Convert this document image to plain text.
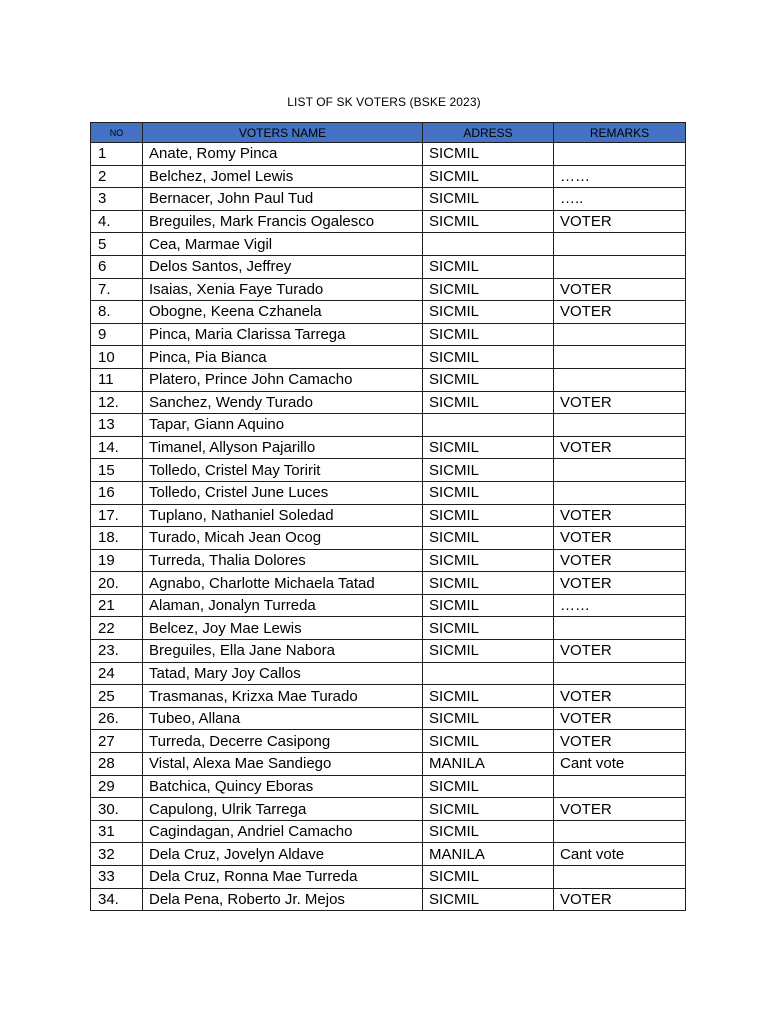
LIST OF SK VOTERS (BSKE 2023)
NO	VOTERS NAME	ADRESS	REMARKS
1	Anate, Romy Pinca	SICMIL	
2	Belchez, Jomel Lewis	SICMIL	……
3	Bernacer, John Paul Tud	SICMIL	…..
4.	Breguiles, Mark Francis Ogalesco	SICMIL	VOTER
5	Cea, Marmae Vigil		
6	Delos Santos, Jeffrey	SICMIL	
7.	Isaias, Xenia Faye Turado	SICMIL	VOTER
8.	Obogne, Keena Czhanela	SICMIL	VOTER
9	Pinca, Maria Clarissa Tarrega	SICMIL	
10	Pinca, Pia Bianca	SICMIL	
11	Platero, Prince John Camacho	SICMIL	
12.	Sanchez, Wendy Turado	SICMIL	VOTER
13	Tapar, Giann Aquino		
14.	Timanel, Allyson Pajarillo	SICMIL	VOTER
15	Tolledo, Cristel May Toririt	SICMIL	
16	Tolledo, Cristel June Luces	SICMIL	
17.	Tuplano, Nathaniel Soledad	SICMIL	VOTER
18.	Turado, Micah Jean Ocog	SICMIL	VOTER
19	Turreda, Thalia Dolores	SICMIL	VOTER
20.	Agnabo, Charlotte Michaela Tatad	SICMIL	VOTER
21	Alaman, Jonalyn Turreda	SICMIL	……
22	Belcez, Joy Mae Lewis	SICMIL	
23.	Breguiles, Ella Jane Nabora	SICMIL	VOTER
24	Tatad, Mary Joy Callos		
25	Trasmanas, Krizxa Mae Turado	SICMIL	VOTER
26.	Tubeo, Allana	SICMIL	VOTER
27	Turreda, Decerre Casipong	SICMIL	VOTER
28	Vistal, Alexa Mae Sandiego	MANILA	Cant vote
29	Batchica, Quincy Eboras	SICMIL	
30.	Capulong, Ulrik Tarrega	SICMIL	VOTER
31	Cagindagan, Andriel Camacho	SICMIL	
32	Dela Cruz, Jovelyn Aldave	MANILA	Cant vote
33	Dela Cruz, Ronna Mae Turreda	SICMIL	
34.	Dela Pena, Roberto Jr. Mejos	SICMIL	VOTER
